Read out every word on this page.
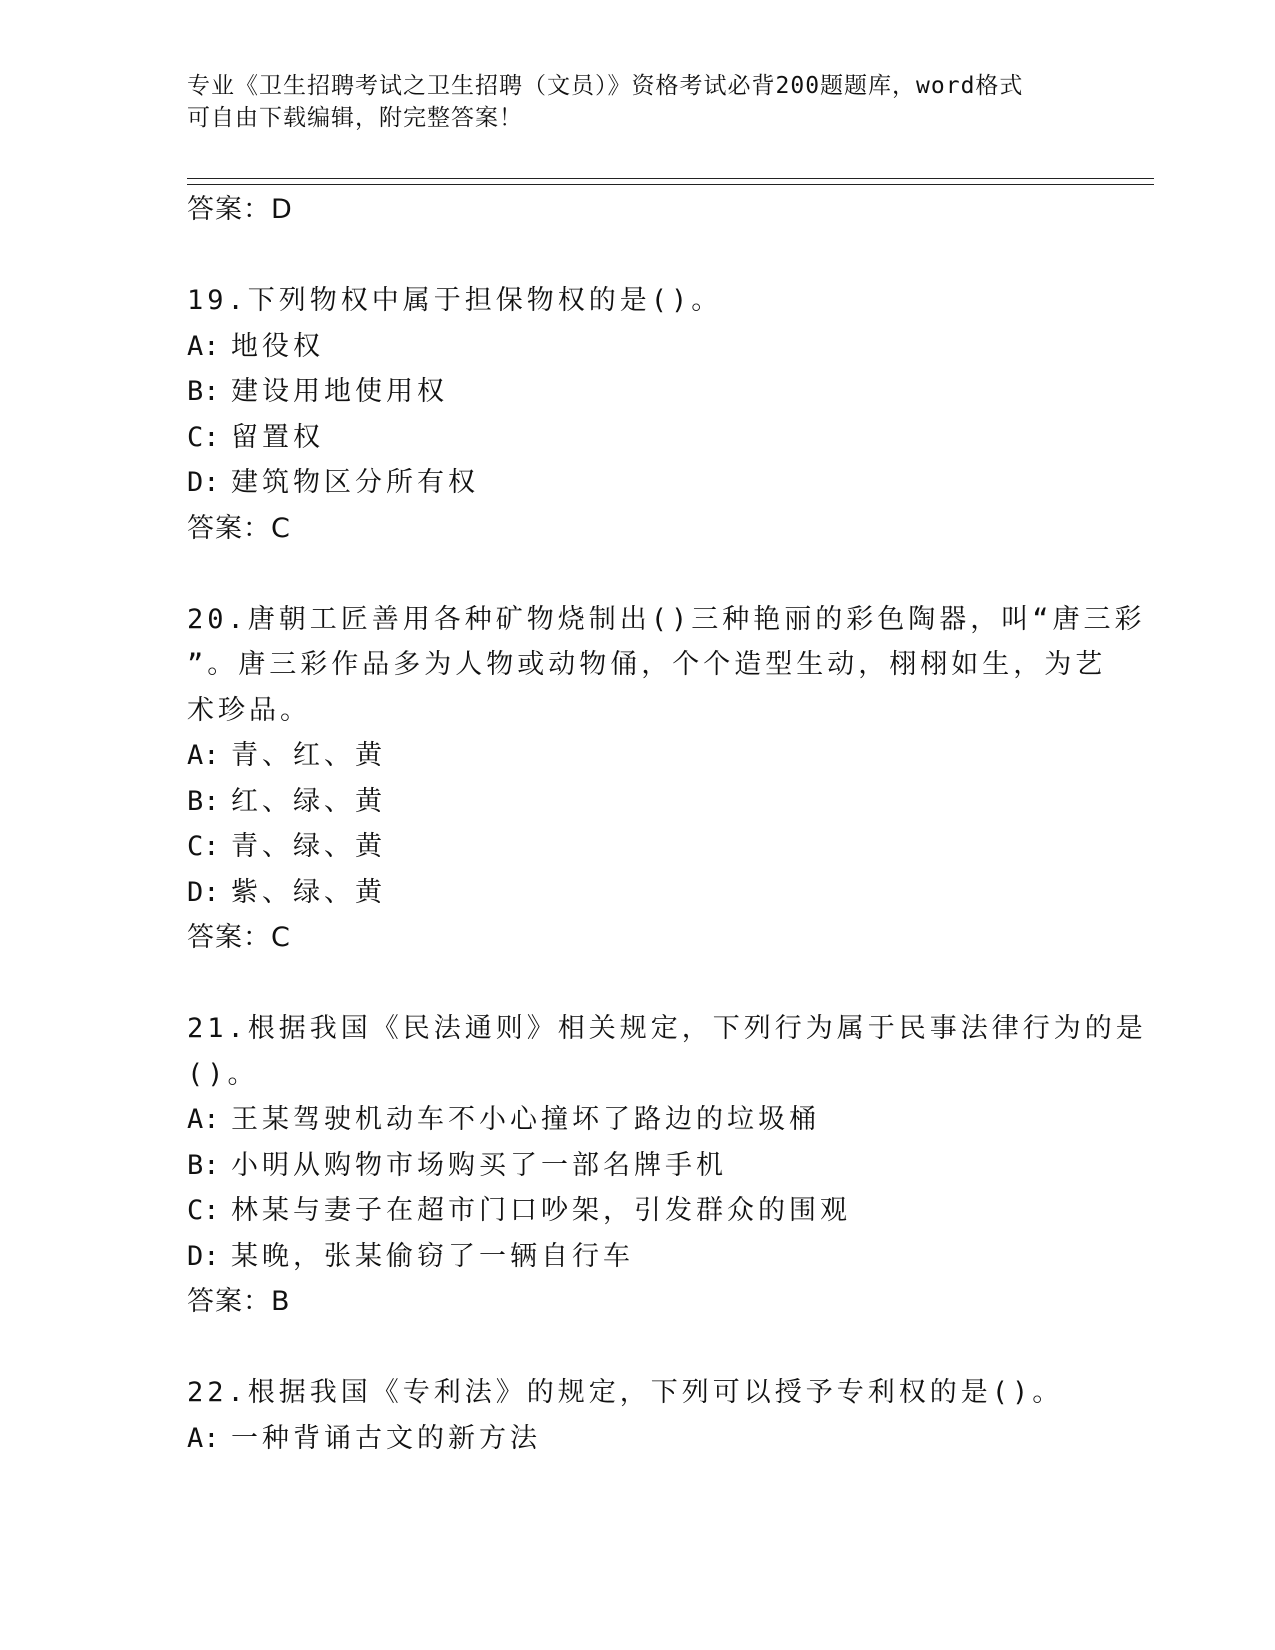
专业《卫生招聘考试之卫生招聘（文员）》资格考试必背200题题库，word格式
可自由下载编辑，附完整答案！
答案：D
19.下列物权中属于担保物权的是()。
A: 地役权
B: 建设用地使用权
C: 留置权
D: 建筑物区分所有权
答案：C
20.唐朝工匠善用各种矿物烧制出()三种艳丽的彩色陶器，叫“唐三彩
”。唐三彩作品多为人物或动物俑，个个造型生动，栩栩如生，为艺
术珍品。
A: 青、红、黄
B: 红、绿、黄
C: 青、绿、黄
D: 紫、绿、黄
答案：C
21.根据我国《民法通则》相关规定，下列行为属于民事法律行为的是
()。
A: 王某驾驶机动车不小心撞坏了路边的垃圾桶
B: 小明从购物市场购买了一部名牌手机
C: 林某与妻子在超市门口吵架，引发群众的围观
D: 某晚，张某偷窃了一辆自行车
答案：B
22.根据我国《专利法》的规定，下列可以授予专利权的是()。
A: 一种背诵古文的新方法
